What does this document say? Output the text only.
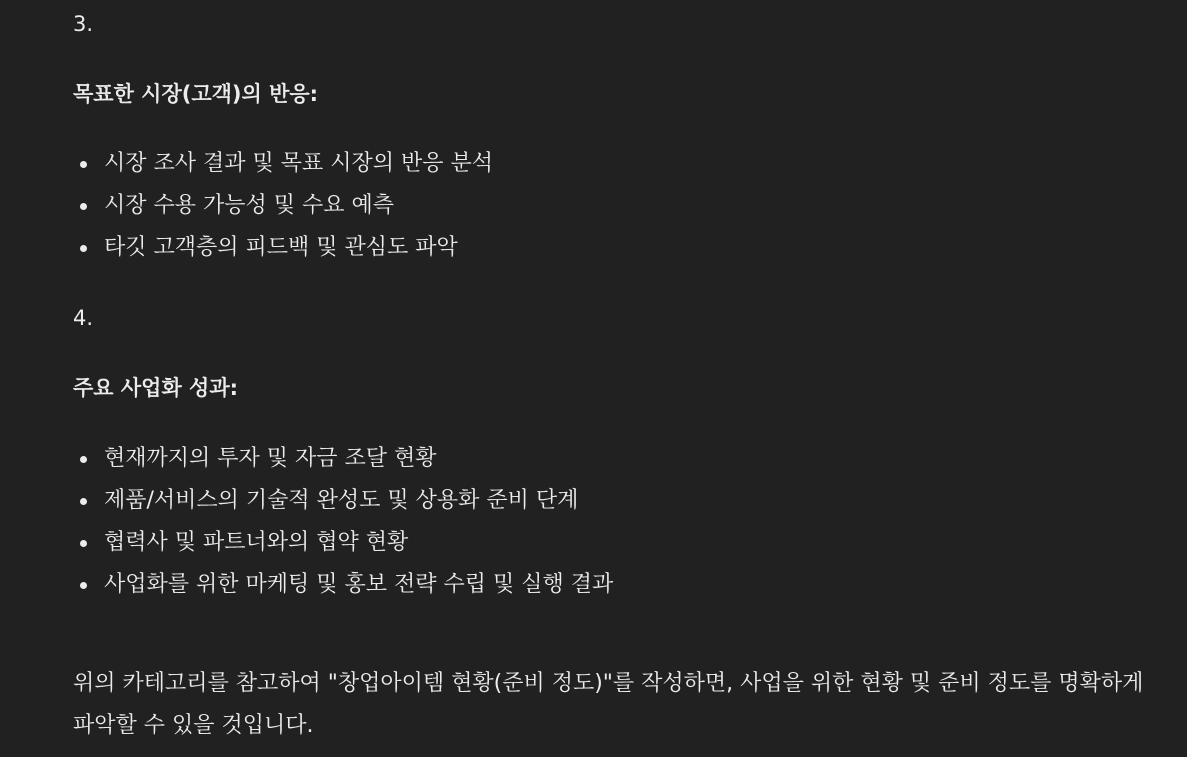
3.
목표한 시장(고객)의 반응:
시장 조사 결과 및 목표 시장의 반응 분석
시장 수용 가능성 및 수요 예측
타깃 고객층의 피드백 및 관심도 파악
4.
주요 사업화 성과:
현재까지의 투자 및 자금 조달 현황
제품/서비스의 기술적 완성도 및 상용화 준비 단계
협력사 및 파트너와의 협약 현황
사업화를 위한 마케팅 및 홍보 전략 수립 및 실행 결과
위의 카테고리를 참고하여 "창업아이템 현황(준비 정도)"를 작성하면, 사업을 위한 현황 및 준비 정도를 명확하게 파악할 수 있을 것입니다.
